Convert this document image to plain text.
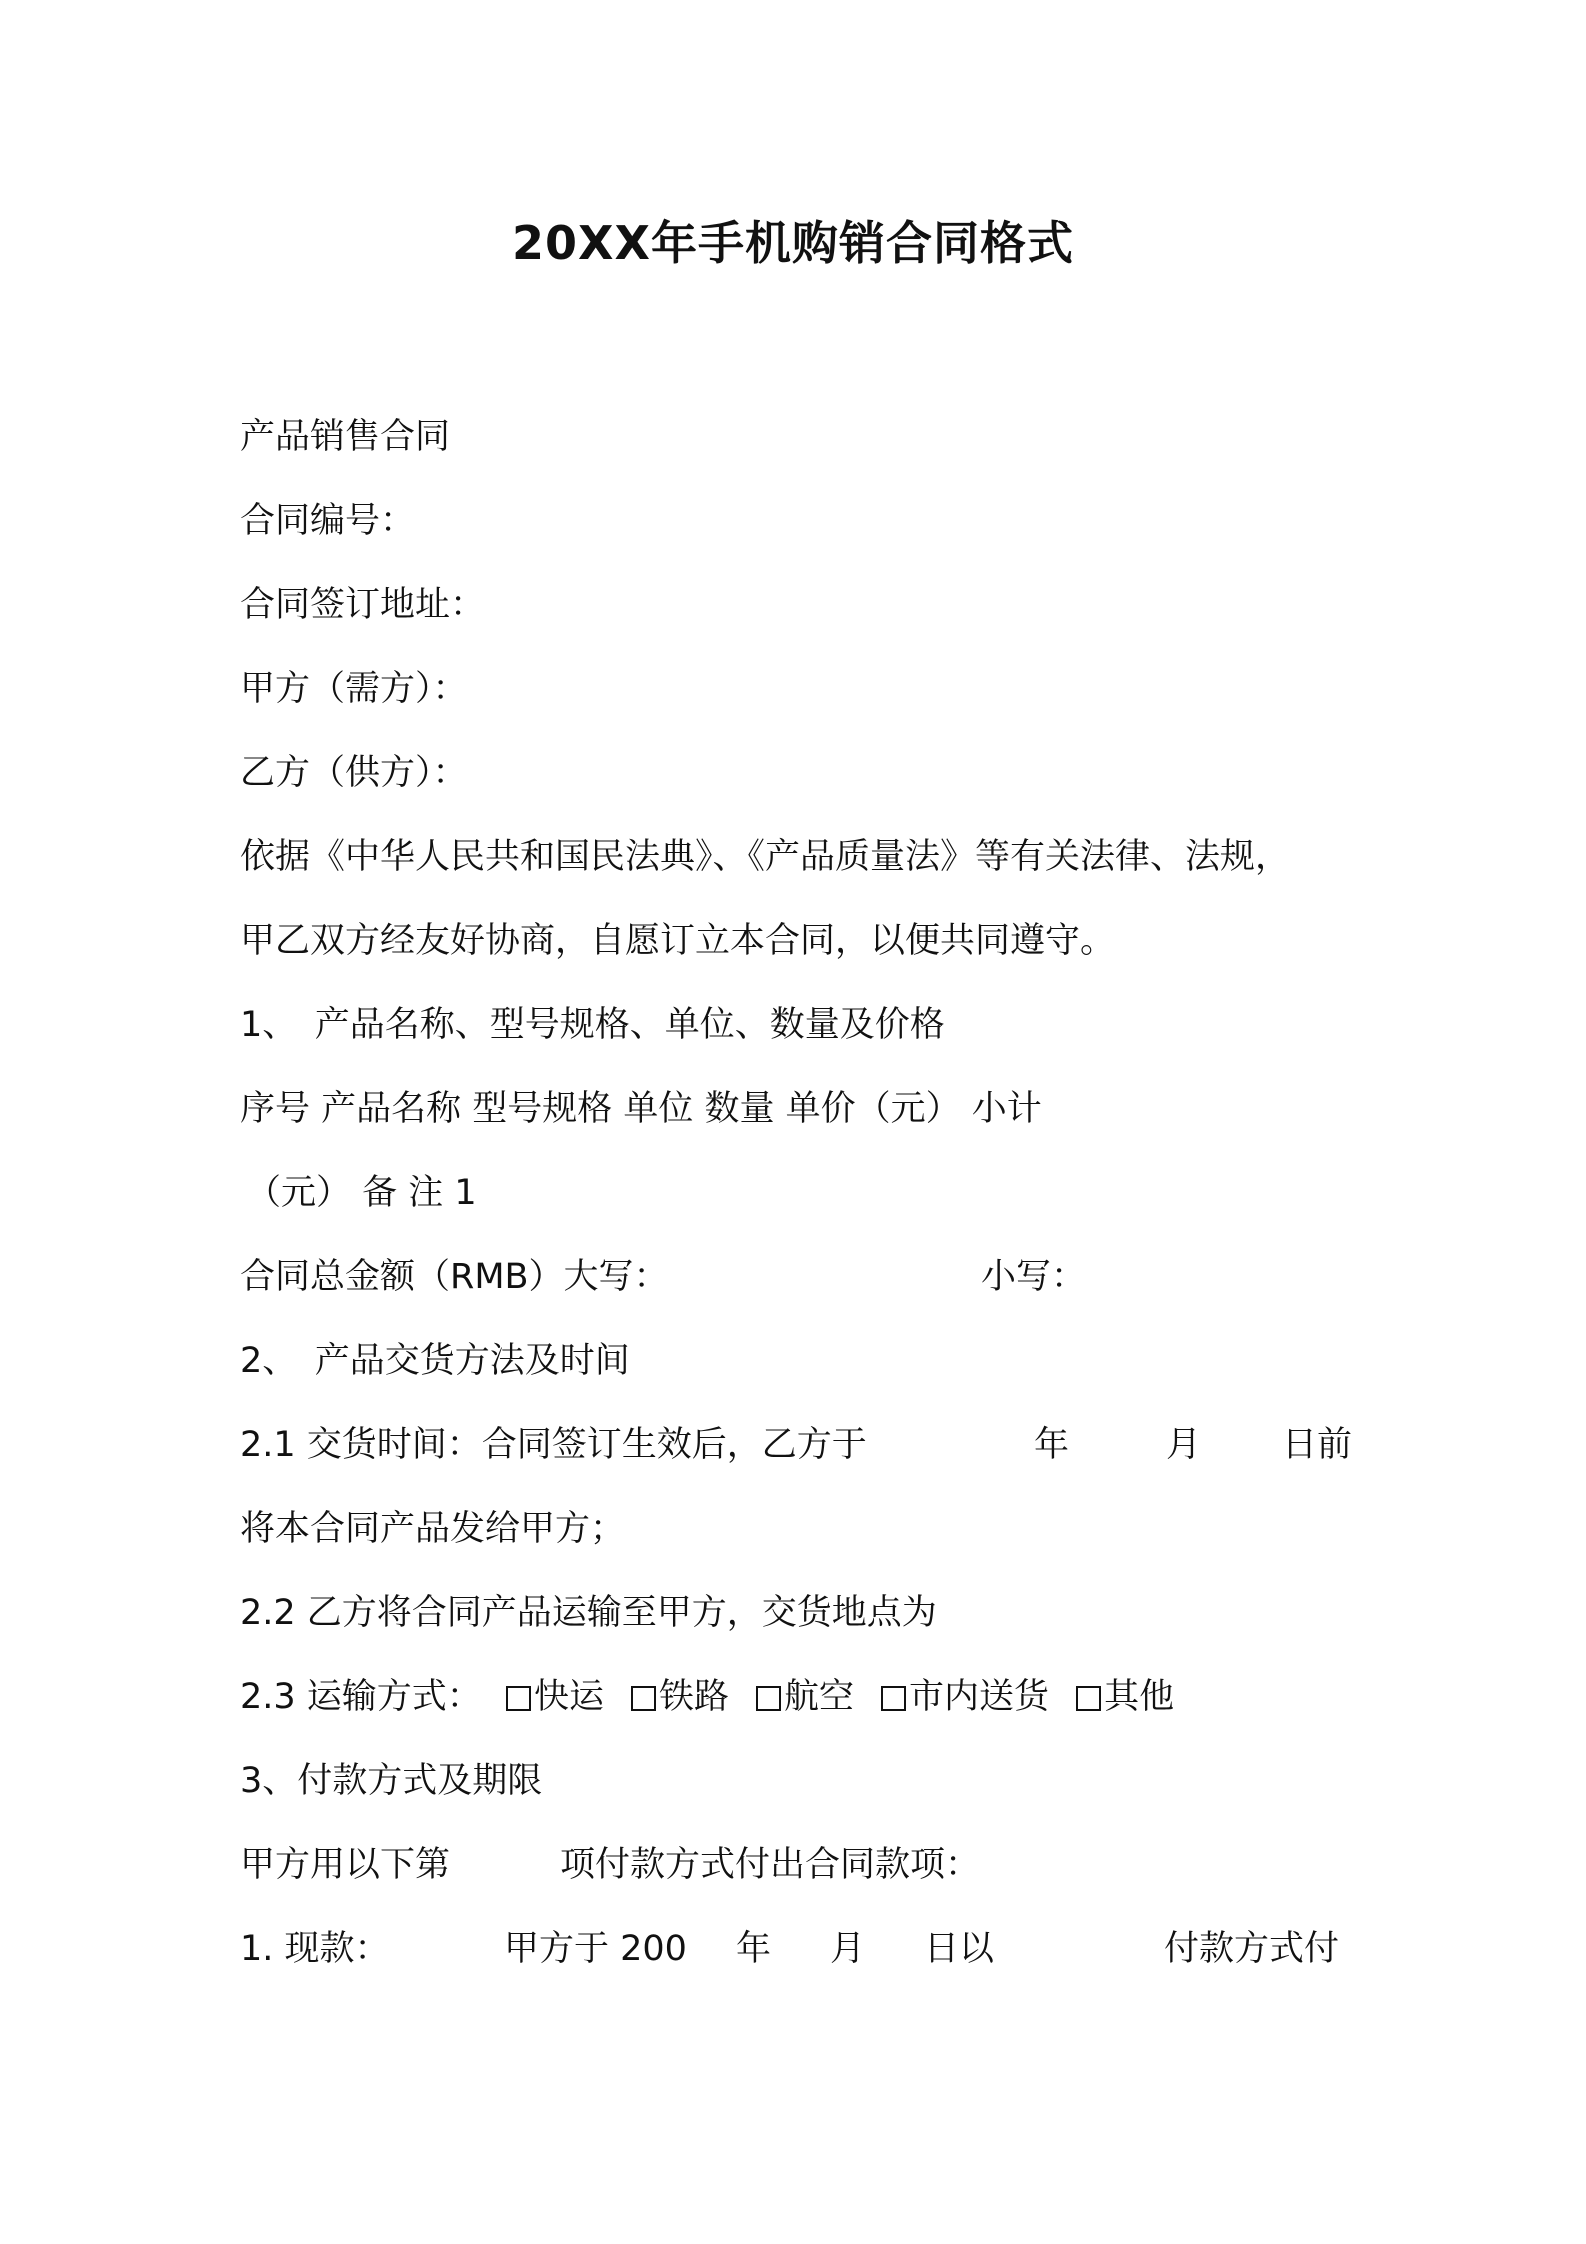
20XX年手机购销合同格式
产品销售合同
合同编号：
合同签订地址：
甲方（需方）：
乙方（供方）：
依据《中华人民共和国民法典》、《产品质量法》等有关法律、法规，
甲乙双方经友好协商，自愿订立本合同，以便共同遵守。
1、　产品名称、型号规格、单位、数量及价格
序号 产品名称 型号规格 单位 数量 单价（元） 小计
（元） 备 注 1
合同总金额（RMB）大写：	小写：
2、　产品交货方法及时间
2.1 交货时间：合同签订生效后，乙方于	年	月 日前
将本合同产品发给甲方；
2.2 乙方将合同产品运输至甲方，交货地点为
2.3 运输方式：	快运 铁路 航空 市内送货 其他
3、付款方式及期限
甲方用以下第	项付款方式付出合同款项：
1. 现款：	甲方于 200 年 月 日以	付款方式付
